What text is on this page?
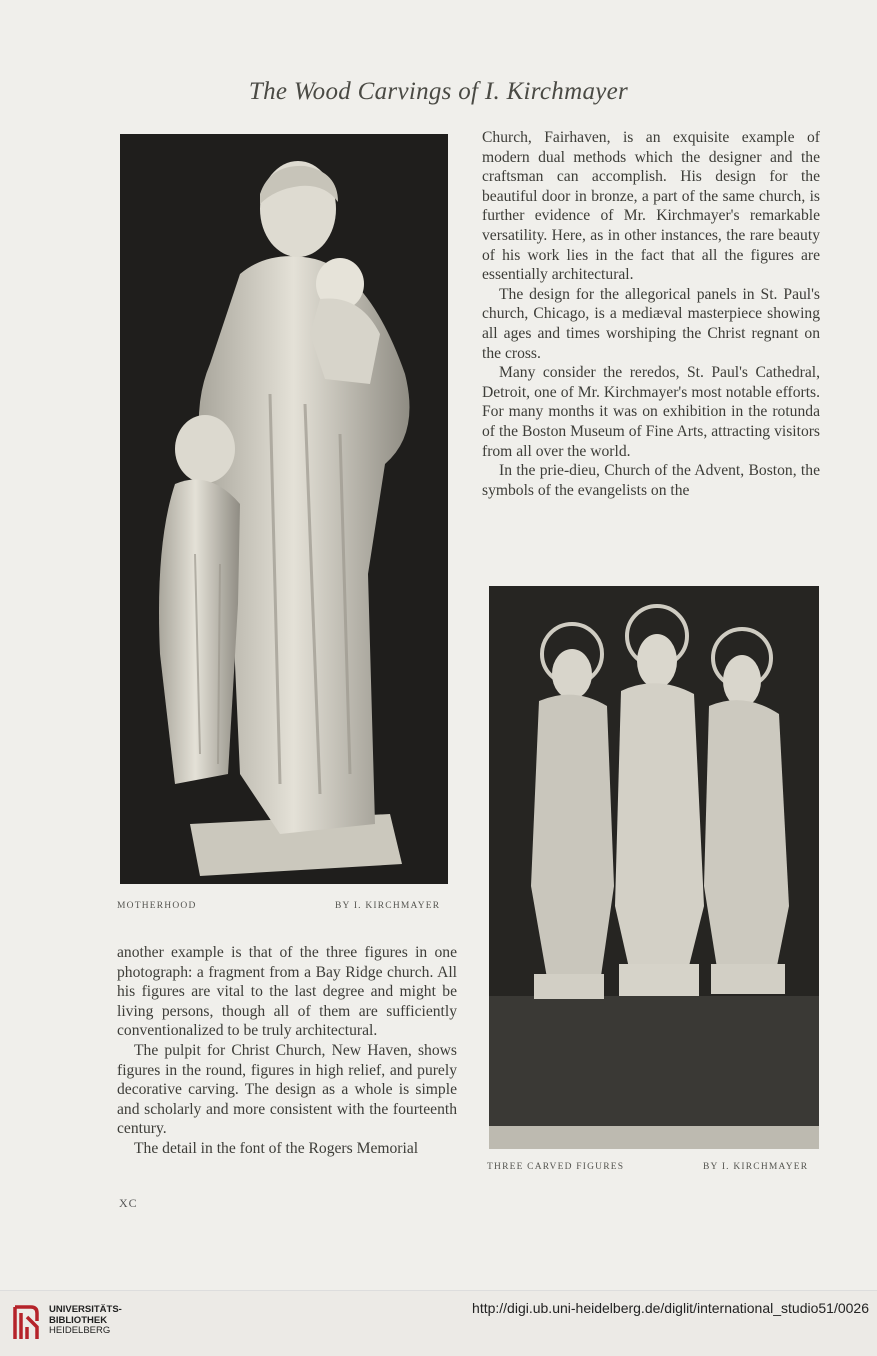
The Wood Carvings of I. Kirchmayer
MOTHERHOOD	BY I. KIRCHMAYER

Church, Fairhaven, is an exquisite example of modern dual methods which the designer and the craftsman can accomplish. His design for the beautiful door in bronze, a part of the same church, is further evidence of Mr. Kirchmayer's remarkable versatility. Here, as in other instances, the rare beauty of his work lies in the fact that all the figures are essentially architectural.

The design for the allegorical panels in St. Paul's church, Chicago, is a mediæval masterpiece showing all ages and times worshiping the Christ regnant on the cross.

Many consider the reredos, St. Paul's Cathedral, Detroit, one of Mr. Kirchmayer's most notable efforts. For many months it was on exhibition in the rotunda of the Boston Museum of Fine Arts, attracting visitors from all over the world.

In the prie-dieu, Church of the Advent, Boston, the symbols of the evangelists on the

THREE CARVED FIGURES	BY I. KIRCHMAYER

another example is that of the three figures in one photograph: a fragment from a Bay Ridge church. All his figures are vital to the last degree and might be living persons, though all of them are sufficiently conventionalized to be truly architectural.

The pulpit for Christ Church, New Haven, shows figures in the round, figures in high relief, and purely decorative carving. The design as a whole is simple and scholarly and more consistent with the fourteenth century.

The detail in the font of the Rogers Memorial

XC
UNIVERSITÄTS-
BIBLIOTHEK
HEIDELBERG
http://digi.ub.uni-heidelberg.de/diglit/international_studio51/0026
